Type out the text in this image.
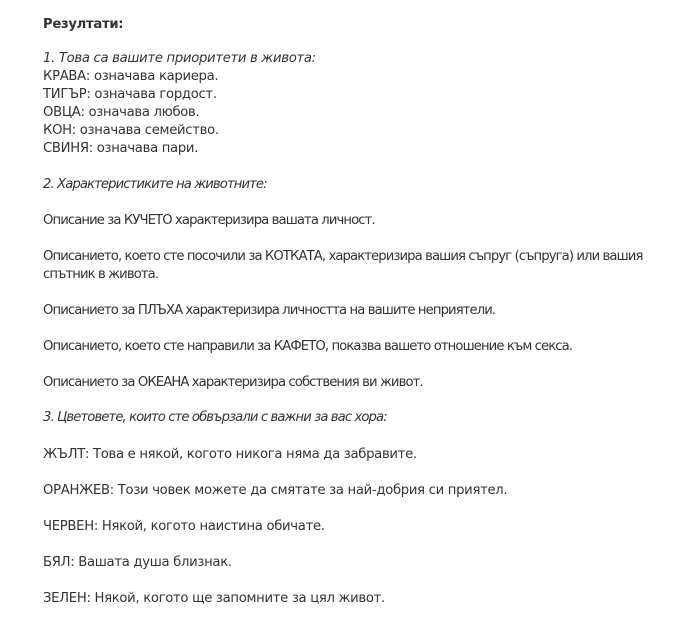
Резултати:
1. Това са вашите приоритети в живота:
КРАВА: означава кариера.
ТИГЪР: означава гордост.
ОВЦА: означава любов.
КОН: означава семейство.
СВИНЯ: означава пари.
2. Характеристиките на животните:
Описание за КУЧЕТО характеризира вашата личност.
Описанието, което сте посочили за КОТКАТА, характеризира вашия съпруг (съпруга) или вашия
спътник в живота.
Описанието за ПЛЪХА характеризира личността на вашите неприятели.
Описанието, което сте направили за КАФЕТО, показва вашето отношение към секса.
Описанието за ОКЕАНА характеризира собствения ви живот.
3. Цветовете, които сте обвързали с важни за вас хора:
ЖЪЛТ: Това е някой, когото никога няма да забравите.
ОРАНЖЕВ: Този човек можете да смятате за най-добрия си приятел.
ЧЕРВЕН: Някой, когото наистина обичате.
БЯЛ: Вашата душа близнак.
ЗЕЛЕН: Някой, когото ще запомните за цял живот.
